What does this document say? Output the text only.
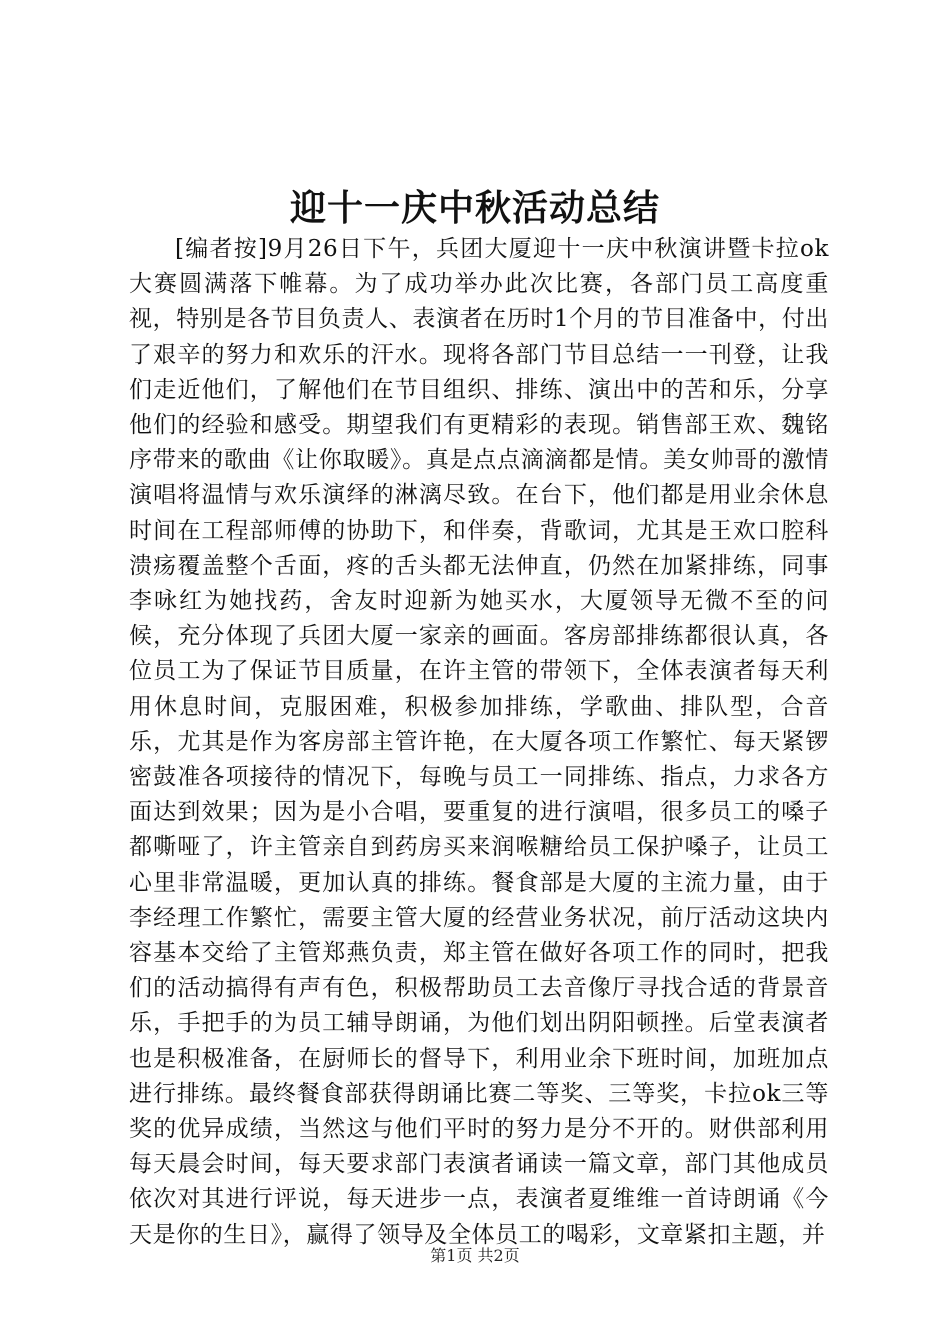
迎十一庆中秋活动总结

[编者按]9月26日下午，兵团大厦迎十一庆中秋演讲暨卡拉ok大赛圆满落下帷幕。为了成功举办此次比赛，各部门员工高度重视，特别是各节目负责人、表演者在历时1个月的节目准备中，付出了艰辛的努力和欢乐的汗水。现将各部门节目总结一一刊登，让我们走近他们，了解他们在节目组织、排练、演出中的苦和乐，分享他们的经验和感受。期望我们有更精彩的表现。销售部王欢、魏铭序带来的歌曲《让你取暖》。真是点点滴滴都是情。美女帅哥的激情演唱将温情与欢乐演绎的淋漓尽致。在台下，他们都是用业余休息时间在工程部师傅的协助下，和伴奏，背歌词，尤其是王欢口腔科溃疡覆盖整个舌面，疼的舌头都无法伸直，仍然在加紧排练，同事李咏红为她找药，舍友时迎新为她买水，大厦领导无微不至的问候，充分体现了兵团大厦一家亲的画面。客房部排练都很认真，各位员工为了保证节目质量，在许主管的带领下，全体表演者每天利用休息时间，克服困难，积极参加排练，学歌曲、排队型，合音乐，尤其是作为客房部主管许艳，在大厦各项工作繁忙、每天紧锣密鼓准各项接待的情况下，每晚与员工一同排练、指点，力求各方面达到效果；因为是小合唱，要重复的进行演唱，很多员工的嗓子都嘶哑了，许主管亲自到药房买来润喉糖给员工保护嗓子，让员工心里非常温暖，更加认真的排练。餐食部是大厦的主流力量，由于李经理工作繁忙，需要主管大厦的经营业务状况，前厅活动这块内容基本交给了主管郑燕负责，郑主管在做好各项工作的同时，把我们的活动搞得有声有色，积极帮助员工去音像厅寻找合适的背景音乐，手把手的为员工辅导朗诵，为他们划出阴阳顿挫。后堂表演者也是积极准备，在厨师长的督导下，利用业余下班时间，加班加点进行排练。最终餐食部获得朗诵比赛二等奖、三等奖，卡拉ok三等奖的优异成绩，当然这与他们平时的努力是分不开的。财供部利用每天晨会时间，每天要求部门表演者诵读一篇文章，部门其他成员依次对其进行评说，每天进步一点，表演者夏维维一首诗朗诵《今天是你的生日》，赢得了领导及全体员工的喝彩，文章紧扣主题，并

第1页 共2页
